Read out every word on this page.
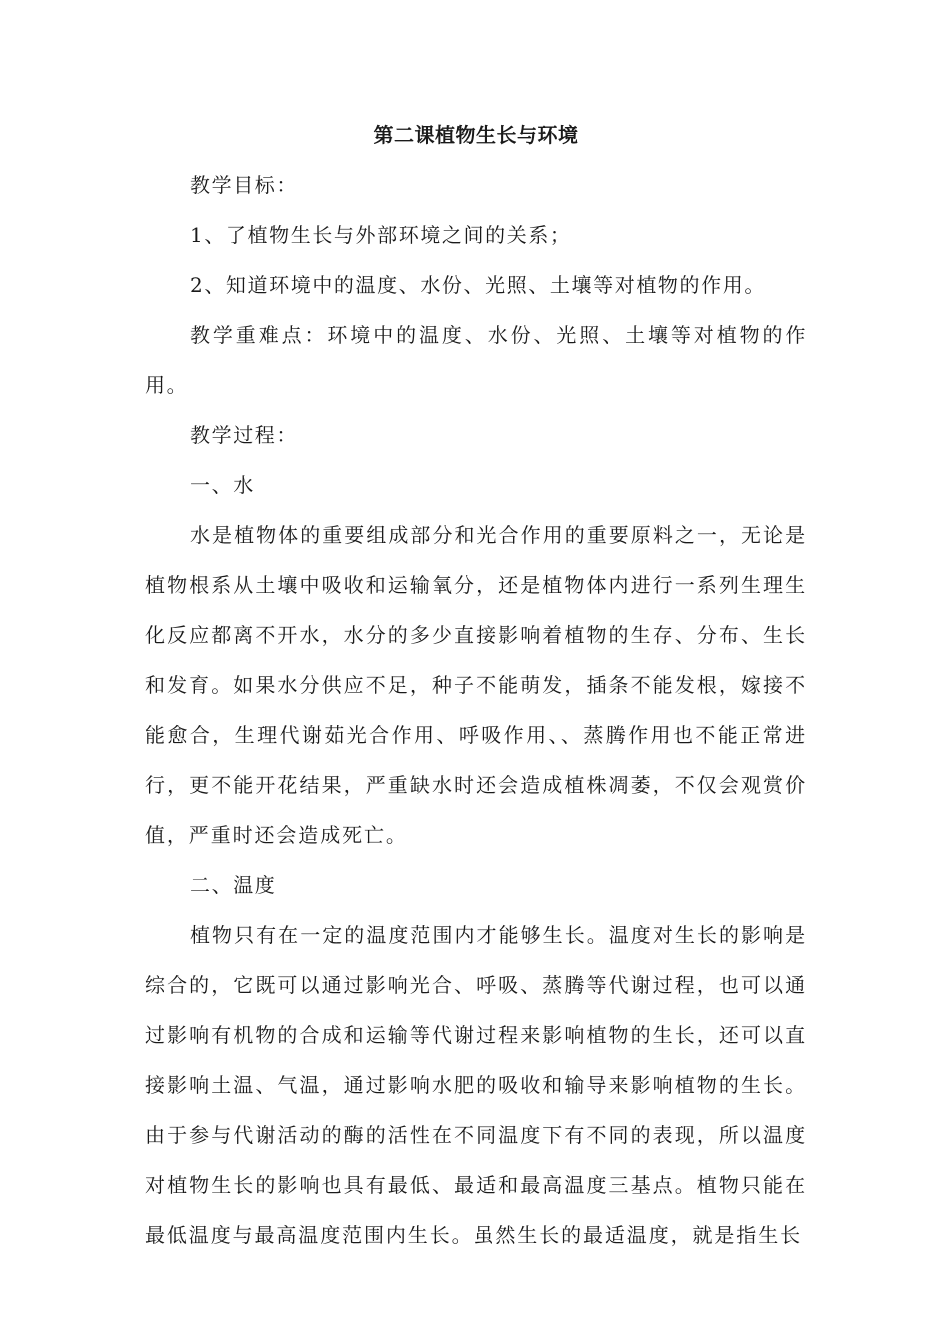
第二课植物生长与环境

教学目标：

1、了植物生长与外部环境之间的关系；

2、知道环境中的温度、水份、光照、土壤等对植物的作用。

教学重难点：环境中的温度、水份、光照、土壤等对植物的作用。

教学过程：

一、水

水是植物体的重要组成部分和光合作用的重要原料之一，无论是植物根系从土壤中吸收和运输氧分，还是植物体内进行一系列生理生化反应都离不开水，水分的多少直接影响着植物的生存、分布、生长和发育。如果水分供应不足，种子不能萌发，插条不能发根，嫁接不能愈合，生理代谢茹光合作用、呼吸作用、、蒸腾作用也不能正常进行，更不能开花结果，严重缺水时还会造成植株凋萎，不仅会观赏价值，严重时还会造成死亡。

二、温度

植物只有在一定的温度范围内才能够生长。温度对生长的影响是综合的，它既可以通过影响光合、呼吸、蒸腾等代谢过程，也可以通过影响有机物的合成和运输等代谢过程来影响植物的生长，还可以直接影响土温、气温，通过影响水肥的吸收和输导来影响植物的生长。由于参与代谢活动的酶的活性在不同温度下有不同的表现，所以温度对植物生长的影响也具有最低、最适和最高温度三基点。植物只能在最低温度与最高温度范围内生长。虽然生长的最适温度，就是指生长
